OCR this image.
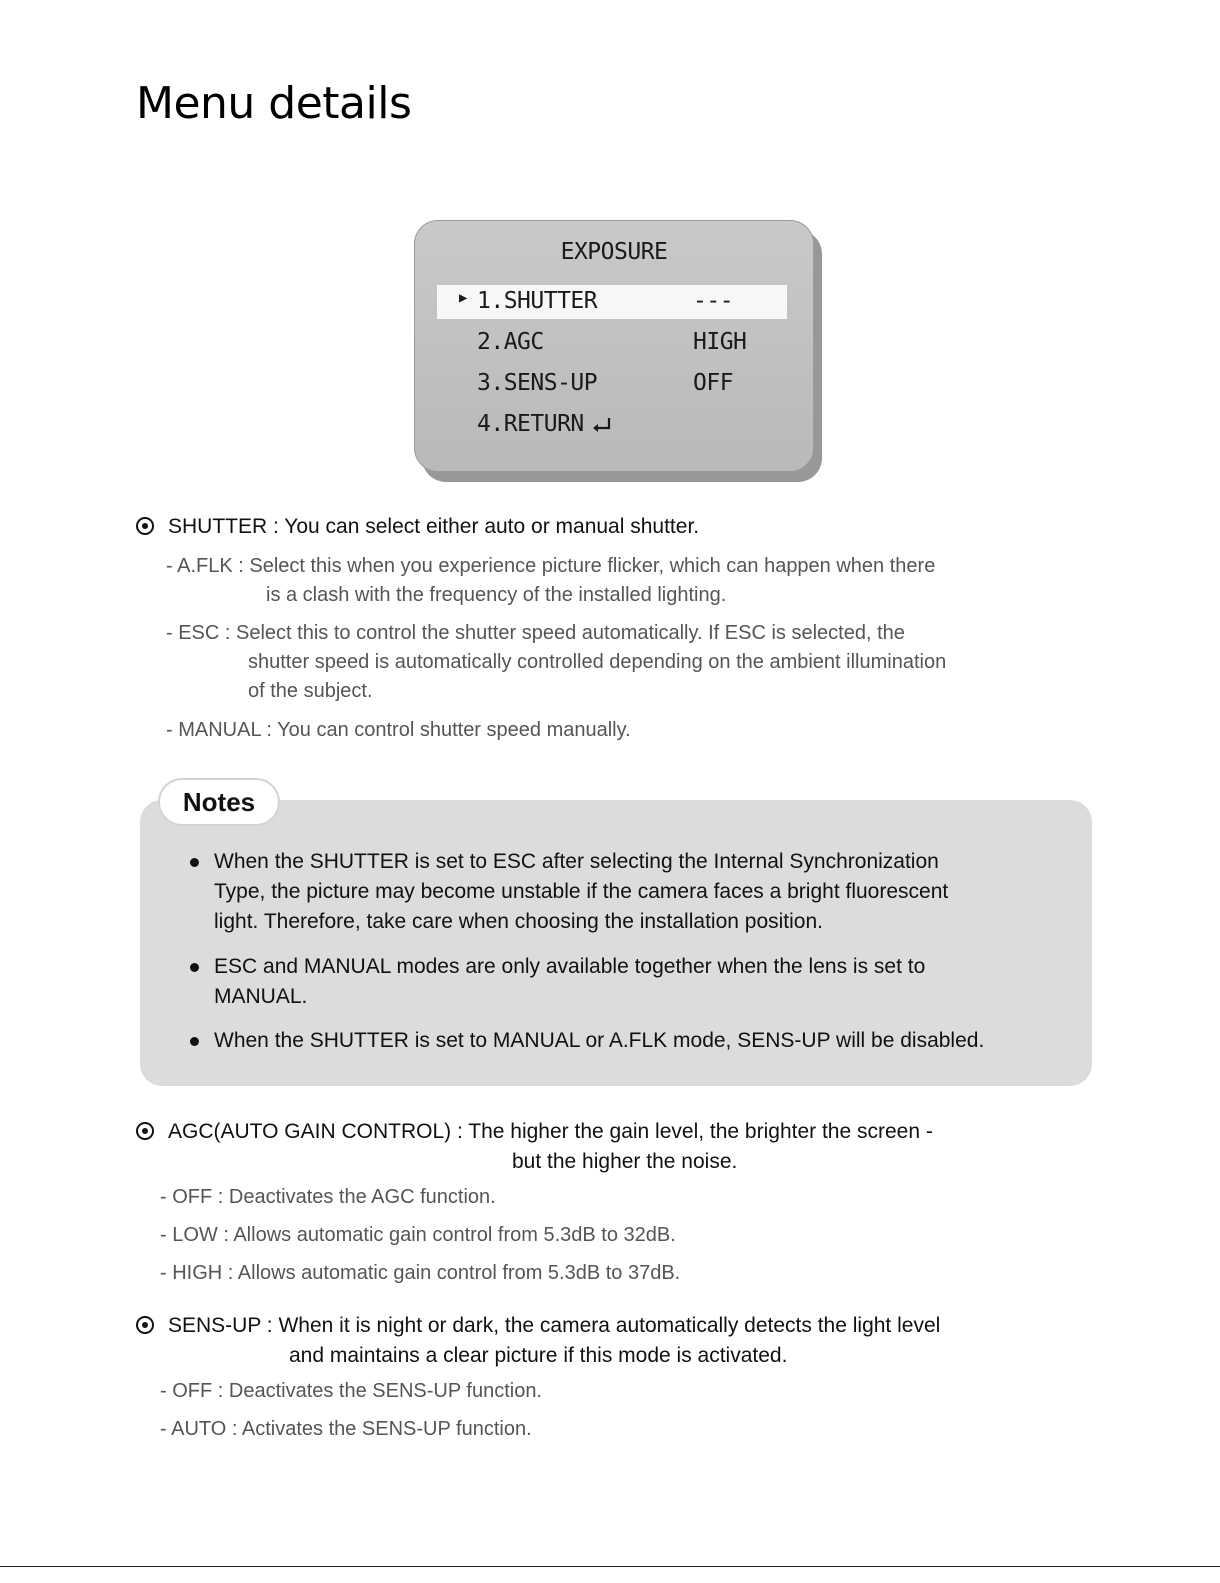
Menu details
EXPOSURE
▶ 1.SHUTTER	---
2.AGC	HIGH
3.SENS-UP	OFF
4.RETURN
SHUTTER : You can select either auto or manual shutter.
- A.FLK : Select this when you experience picture flicker, which can happen when there
is a clash with the frequency of the installed lighting.
- ESC : Select this to control the shutter speed automatically. If ESC is selected, the
shutter speed is automatically controlled depending on the ambient illumination
of the subject.
- MANUAL : You can control shutter speed manually.
Notes
When the SHUTTER is set to ESC after selecting the Internal Synchronization
Type, the picture may become unstable if the camera faces a bright fluorescent
light. Therefore, take care when choosing the installation position.
ESC and MANUAL modes are only available together when the lens is set to
MANUAL.
When the SHUTTER is set to MANUAL or A.FLK mode, SENS-UP will be disabled.
AGC(AUTO GAIN CONTROL) : The higher the gain level, the brighter the screen -
but the higher the noise.
- OFF : Deactivates the AGC function.
- LOW : Allows automatic gain control from 5.3dB to 32dB.
- HIGH : Allows automatic gain control from 5.3dB to 37dB.
SENS-UP : When it is night or dark, the camera automatically detects the light level
and maintains a clear picture if this mode is activated.
- OFF : Deactivates the SENS-UP function.
- AUTO : Activates the SENS-UP function.
